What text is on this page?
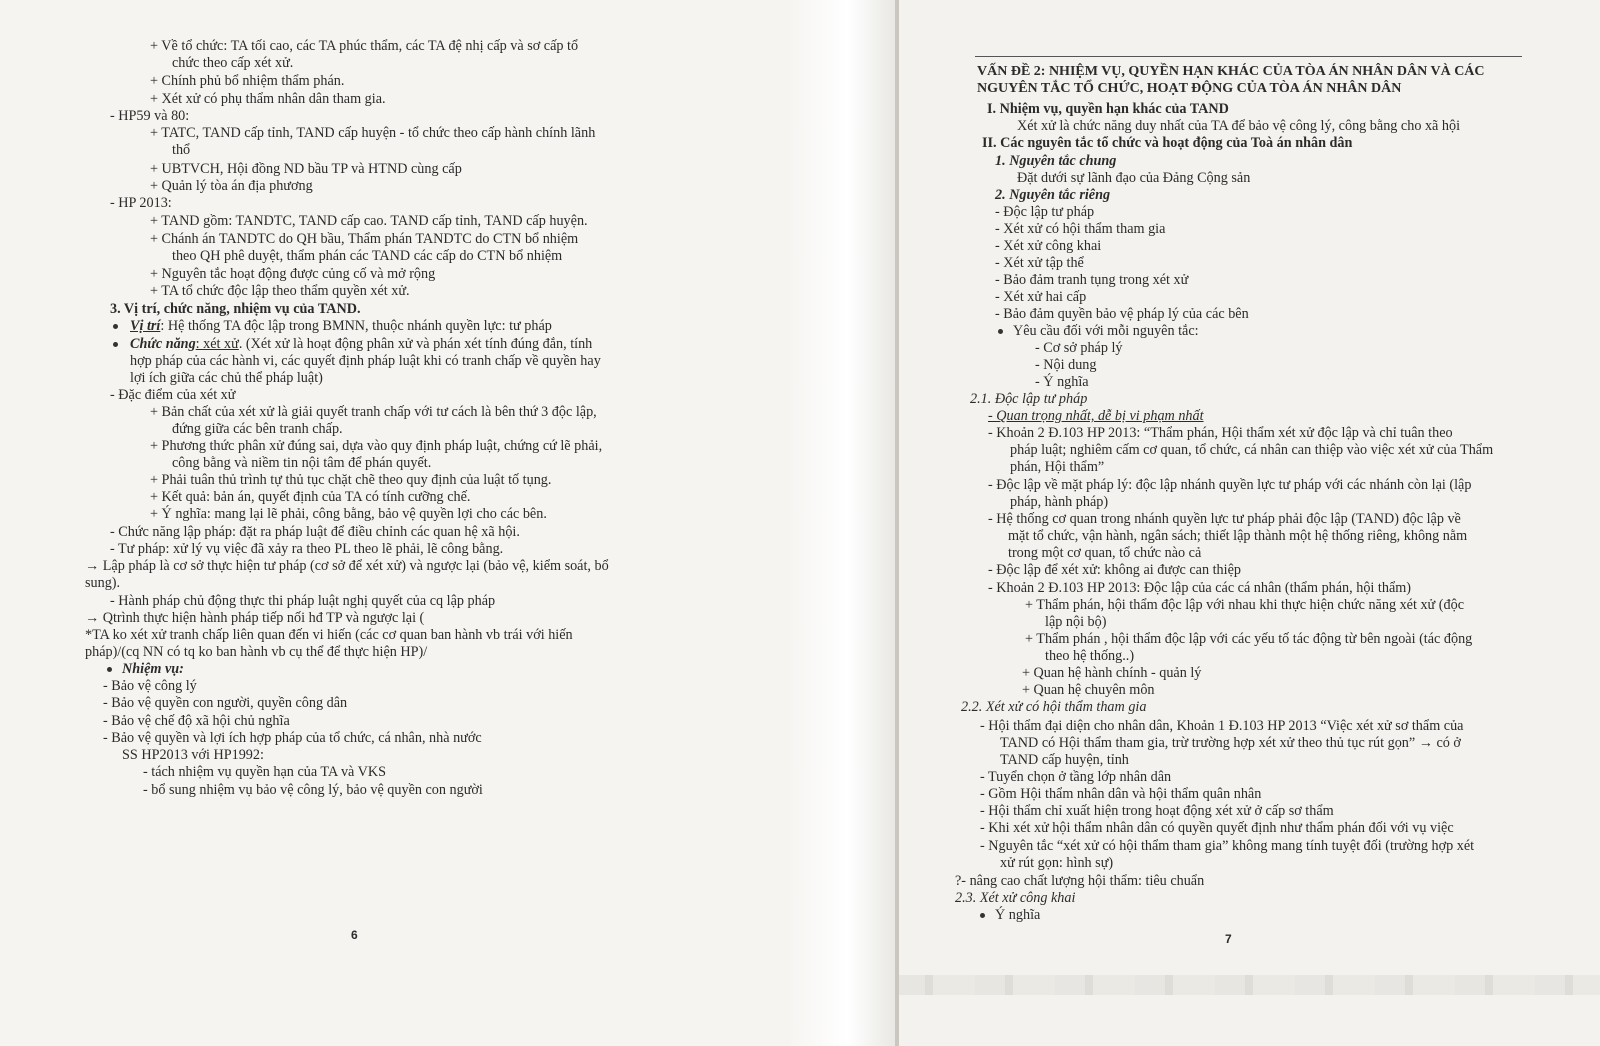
+ Về tổ chức: TA tối cao, các TA phúc thẩm, các TA đệ nhị cấp và sơ cấp tổ
chức theo cấp xét xử.
+ Chính phủ bổ nhiệm thẩm phán.
+ Xét xử có phụ thẩm nhân dân tham gia.
- HP59 và 80:
+ TATC, TAND cấp tỉnh, TAND cấp huyện - tổ chức theo cấp hành chính lãnh
thổ
+ UBTVCH, Hội đồng ND bầu TP và HTND cùng cấp
+ Quản lý tòa án địa phương
- HP 2013:
+ TAND gồm: TANDTC, TAND cấp cao. TAND cấp tỉnh, TAND cấp huyện.
+ Chánh án TANDTC do QH bầu, Thẩm phán TANDTC do CTN bổ nhiệm
theo QH phê duyệt, thẩm phán các TAND các cấp do CTN bổ nhiệm
+ Nguyên tắc hoạt động được củng cố và mở rộng
+ TA tổ chức độc lập theo thẩm quyền xét xử.
3. Vị trí, chức năng, nhiệm vụ của TAND.
Vị trí: Hệ thống TA độc lập trong BMNN, thuộc nhánh quyền lực: tư pháp
Chức năng: xét xử. (Xét xử là hoạt động phân xử và phán xét tính đúng đắn, tính
hợp pháp của các hành vi, các quyết định pháp luật khi có tranh chấp về quyền hay
lợi ích giữa các chủ thể pháp luật)
- Đặc điểm của xét xử
+ Bản chất của xét xử là giải quyết tranh chấp với tư cách là bên thứ 3 độc lập,
đứng giữa các bên tranh chấp.
+ Phương thức phân xử đúng sai, dựa vào quy định pháp luật, chứng cứ lẽ phải,
công bằng và niềm tin nội tâm để phán quyết.
+ Phải tuân thủ trình tự thủ tục chặt chẽ theo quy định của luật tố tụng.
+ Kết quả: bản án, quyết định của TA có tính cưỡng chế.
+ Ý nghĩa: mang lại lẽ phải, công bằng, bảo vệ quyền lợi cho các bên.
- Chức năng lập pháp: đặt ra pháp luật để điều chỉnh các quan hệ xã hội.
- Tư pháp: xử lý vụ việc đã xảy ra theo PL theo lẽ phải, lẽ công bằng.
→ Lập pháp là cơ sở thực hiện tư pháp (cơ sở để xét xử) và ngược lại (bảo vệ, kiểm soát, bổ
sung).
- Hành pháp chủ động thực thi pháp luật nghị quyết của cq lập pháp
→ Qtrình thực hiện hành pháp tiếp nối hđ TP và ngược lại (
*TA ko xét xử tranh chấp liên quan đến vi hiến (các cơ quan ban hành vb trái với hiến
pháp)/(cq NN có tq ko ban hành vb cụ thể để thực hiện HP)/
Nhiệm vụ:
- Bảo vệ công lý
- Bảo vệ quyền con người, quyền công dân
- Bảo vệ chế độ xã hội chủ nghĩa
- Bảo vệ quyền và lợi ích hợp pháp của tổ chức, cá nhân, nhà nước
SS HP2013 với HP1992:
- tách nhiệm vụ quyền hạn của TA và VKS
- bổ sung nhiệm vụ bảo vệ công lý, bảo vệ quyền con người
6
VẤN ĐỀ 2: NHIỆM VỤ, QUYỀN HẠN KHÁC CỦA TÒA ÁN NHÂN DÂN VÀ CÁC
NGUYÊN TẮC TỔ CHỨC, HOẠT ĐỘNG CỦA TÒA ÁN NHÂN DÂN
I. Nhiệm vụ, quyền hạn khác của TAND
Xét xử là chức năng duy nhất của TA để bảo vệ công lý, công bằng cho xã hội
II. Các nguyên tắc tổ chức và hoạt động của Toà án nhân dân
1. Nguyên tắc chung
Đặt dưới sự lãnh đạo của Đảng Cộng sản
2. Nguyên tắc riêng
- Độc lập tư pháp
- Xét xử có hội thẩm tham gia
- Xét xử công khai
- Xét xử tập thể
- Bảo đảm tranh tụng trong xét xử
- Xét xử hai cấp
- Bảo đảm quyền bảo vệ pháp lý của các bên
Yêu cầu đối với mỗi nguyên tắc:
- Cơ sở pháp lý
- Nội dung
- Ý nghĩa
2.1. Độc lập tư pháp
- Quan trọng nhất, dễ bị vi phạm nhất
- Khoản 2 Đ.103 HP 2013: “Thẩm phán, Hội thẩm xét xử độc lập và chỉ tuân theo
pháp luật; nghiêm cấm cơ quan, tổ chức, cá nhân can thiệp vào việc xét xử của Thẩm
phán, Hội thẩm”
- Độc lập về mặt pháp lý: độc lập nhánh quyền lực tư pháp với các nhánh còn lại (lập
pháp, hành pháp)
- Hệ thống cơ quan trong nhánh quyền lực tư pháp phải độc lập (TAND) độc lập về
mặt tổ chức, vận hành, ngân sách; thiết lập thành một hệ thống riêng, không nằm
trong một cơ quan, tổ chức nào cả
- Độc lập để xét xử: không ai được can thiệp
- Khoản 2 Đ.103 HP 2013: Độc lập của các cá nhân (thẩm phán, hội thẩm)
+ Thẩm phán, hội thẩm độc lập với nhau khi thực hiện chức năng xét xử (độc
lập nội bộ)
+ Thẩm phán , hội thẩm độc lập với các yếu tố tác động từ bên ngoài (tác động
theo hệ thống..)
+ Quan hệ hành chính - quản lý
+ Quan hệ chuyên môn
2.2. Xét xử có hội thẩm tham gia
- Hội thẩm đại diện cho nhân dân, Khoản 1 Đ.103 HP 2013 “Việc xét xử sơ thẩm của
TAND có Hội thẩm tham gia, trừ trường hợp xét xử theo thủ tục rút gọn” → có ở
TAND cấp huyện, tỉnh
- Tuyển chọn ở tầng lớp nhân dân
- Gồm Hội thẩm nhân dân và hội thẩm quân nhân
- Hội thẩm chỉ xuất hiện trong hoạt động xét xử ở cấp sơ thẩm
- Khi xét xử hội thẩm nhân dân có quyền quyết định như thẩm phán đối với vụ việc
- Nguyên tắc “xét xử có hội thẩm tham gia” không mang tính tuyệt đối (trường hợp xét
xử rút gọn: hình sự)
?- nâng cao chất lượng hội thẩm: tiêu chuẩn
2.3. Xét xử công khai
Ý nghĩa
7
